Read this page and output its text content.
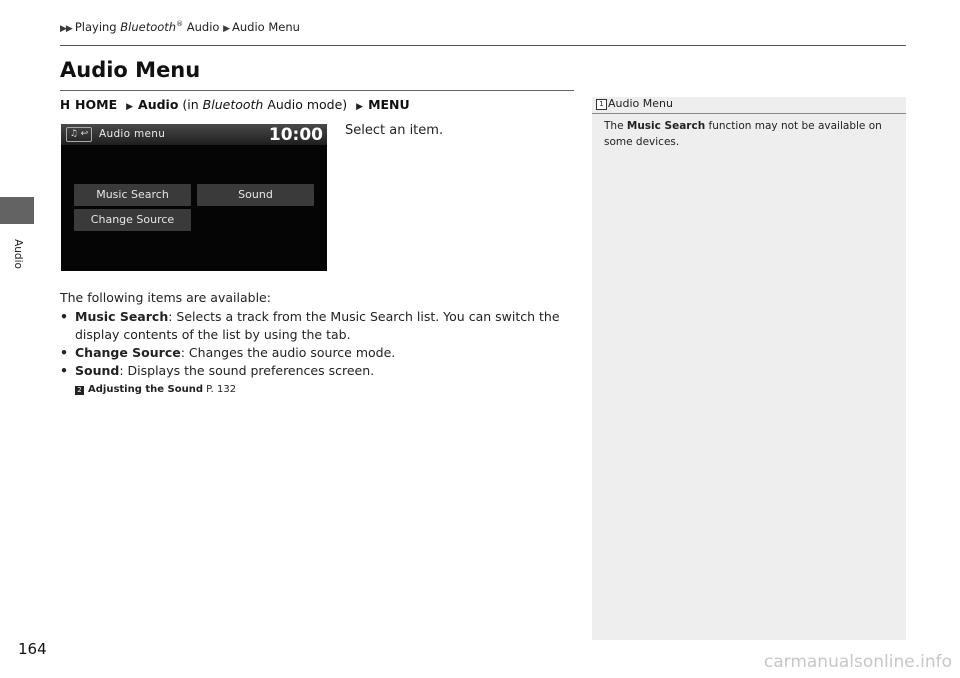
▶▶ Playing Bluetooth® Audio ▶ Audio Menu
Audio
164
Audio Menu
H HOME ▶ Audio (in Bluetooth Audio mode) ▶ MENU
♫ ↩	Audio menu	10:00
Music Search	Sound
Change Source
Select an item.
The following items are available:
• Music Search: Selects a track from the Music Search list. You can switch the display contents of the list by using the tab.
• Change Source: Changes the audio source mode.
• Sound: Displays the sound preferences screen.
2 Adjusting the Sound P. 132
1 Audio Menu
The Music Search function may not be available on some devices.
carmanualsonline.info
